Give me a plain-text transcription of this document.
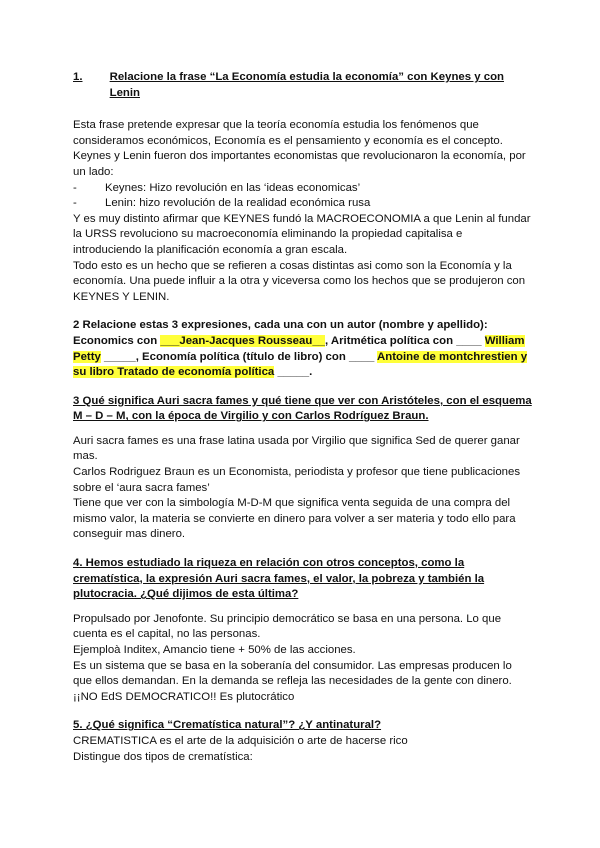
1.	Relacione la frase “La Economía estudia la economía” con Keynes y con Lenin

Esta frase pretende expresar que la teoría economía estudia los fenómenos que consideramos económicos, Economía es el pensamiento y economía es el concepto.

Keynes y Lenin fueron dos importantes economistas que revolucionaron la economía, por un lado:

-	Keynes: Hizo revolución en las ‘ideas economicas’
-	Lenin: hizo revolución de la realidad económica rusa

Y es muy distinto afirmar que KEYNES fundó la MACROECONOMIA a que Lenin al fundar la URSS revoluciono su macroeconomía eliminando la propiedad capitalisa e introduciendo la planificación economía a gran escala.

Todo esto es un hecho que se refieren a cosas distintas asi como son la Economía y la economía. Una puede influir a la otra y viceversa como los hechos que se produjeron con KEYNES Y LENIN.

2 Relacione estas 3 expresiones, cada una con un autor (nombre y apellido): Economics con ___Jean-Jacques Rousseau__, Aritmética política con ____ William Petty _____, Economía política (título de libro) con ____ Antoine de montchrestien y su libro Tratado de economía política _____.

3 Qué significa Auri sacra fames y qué tiene que ver con Aristóteles, con el esquema M – D – M, con la época de Virgilio y con Carlos Rodríguez Braun.

Auri sacra fames es una frase latina usada por Virgilio que significa Sed de querer ganar mas.

Carlos Rodriguez Braun es un Economista, periodista y profesor que tiene publicaciones sobre el ‘aura sacra fames’

Tiene que ver con la simbología M-D-M que significa venta seguida de una compra del mismo valor, la materia se convierte en dinero para volver a ser materia y todo ello para conseguir mas dinero.

4. Hemos estudiado la riqueza en relación con otros conceptos, como la crematística, la expresión Auri sacra fames, el valor, la pobreza y también la plutocracia. ¿Qué dijimos de esta última?

Propulsado por Jenofonte. Su principio democrático se basa en una persona. Lo que cuenta es el capital, no las personas.

Ejemploà Inditex, Amancio tiene + 50% de las acciones.

Es un sistema que se basa en la soberanía del consumidor. Las empresas producen lo que ellos demandan. En la demanda se refleja las necesidades de la gente con dinero. ¡¡NO EdS DEMOCRATICO!! Es plutocrático

5. ¿Qué significa “Crematística natural”? ¿Y antinatural?

CREMATISTICA es el arte de la adquisición o arte de hacerse rico

Distingue dos tipos de crematística:
